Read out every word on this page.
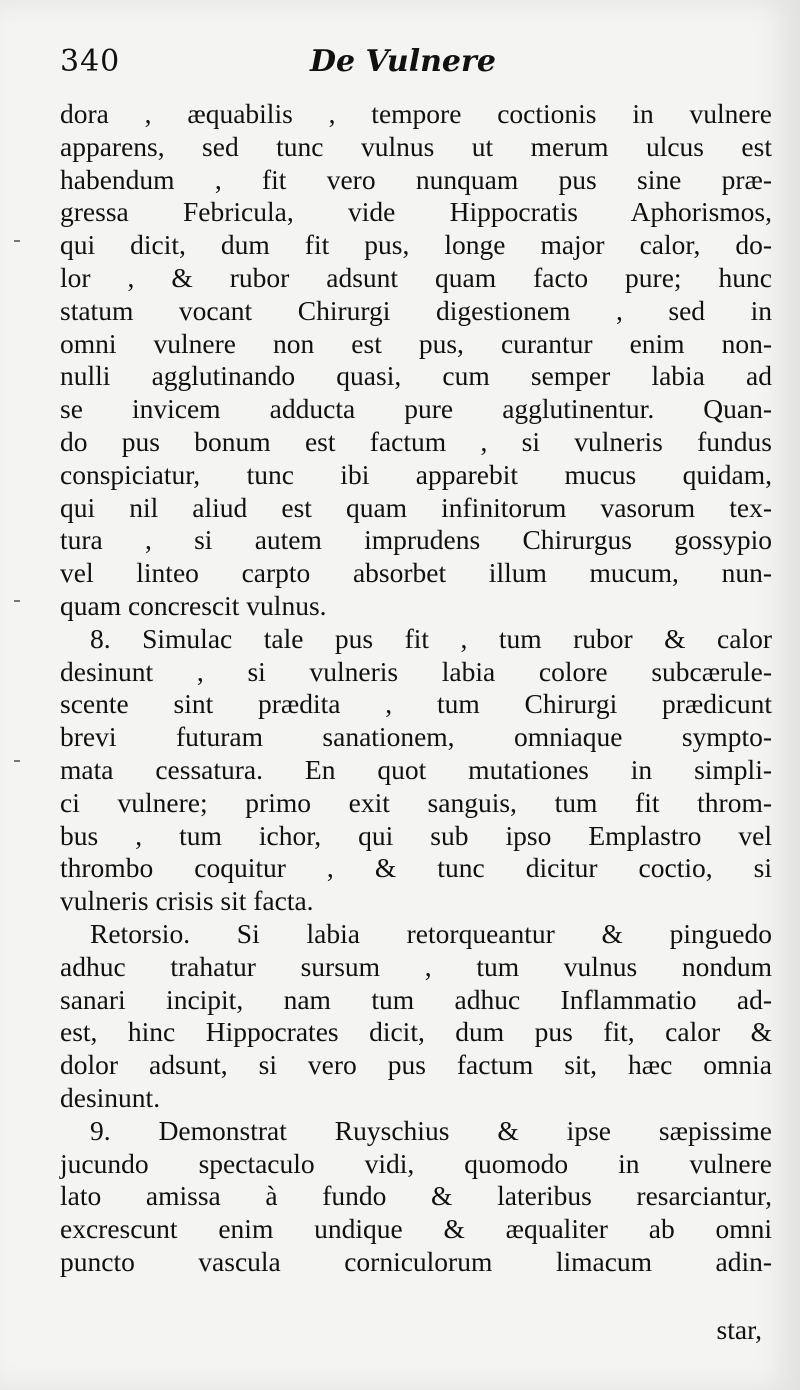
340	De Vulnere
dora , æquabilis , tempore coctionis in vulnere
apparens, sed tunc vulnus ut merum ulcus est
habendum , fit vero nunquam pus sine præ-
gressa Febricula, vide Hippocratis Aphorismos,
qui dicit, dum fit pus, longe major calor, do-
lor , & rubor adsunt quam facto pure; hunc
statum vocant Chirurgi digestionem , sed in
omni vulnere non est pus, curantur enim non-
nulli agglutinando quasi, cum semper labia ad
se invicem adducta pure agglutinentur. Quan-
do pus bonum est factum , si vulneris fundus
conspiciatur, tunc ibi apparebit mucus quidam,
qui nil aliud est quam infinitorum vasorum tex-
tura , si autem imprudens Chirurgus gossypio
vel linteo carpto absorbet illum mucum, nun-
quam concrescit vulnus.
8. Simulac tale pus fit , tum rubor & calor
desinunt , si vulneris labia colore subcærule-
scente sint prædita , tum Chirurgi prædicunt
brevi futuram sanationem, omniaque sympto-
mata cessatura. En quot mutationes in simpli-
ci vulnere; primo exit sanguis, tum fit throm-
bus , tum ichor, qui sub ipso Emplastro vel
thrombo coquitur , & tunc dicitur coctio, si
vulneris crisis sit facta.
Retorsio. Si labia retorqueantur & pinguedo
adhuc trahatur sursum , tum vulnus nondum
sanari incipit, nam tum adhuc Inflammatio ad-
est, hinc Hippocrates dicit, dum pus fit, calor &
dolor adsunt, si vero pus factum sit, hæc omnia
desinunt.
9. Demonstrat Ruyschius & ipse sæpissime
jucundo spectaculo vidi, quomodo in vulnere
lato amissa à fundo & lateribus resarciantur,
excrescunt enim undique & æqualiter ab omni
puncto vascula corniculorum limacum adin-
star,
